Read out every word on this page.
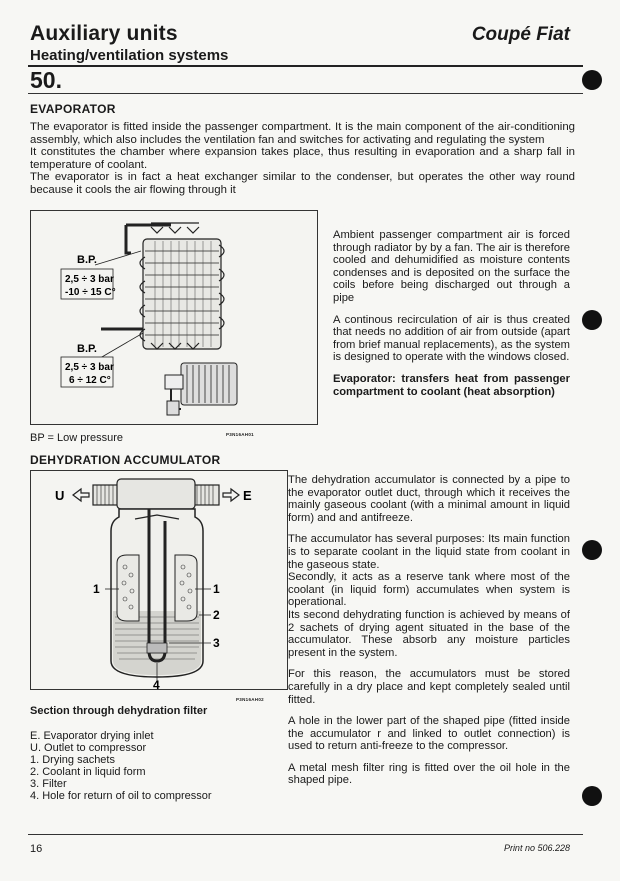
Auxiliary units
Heating/ventilation systems
Coupé Fiat
50.
EVAPORATOR

The evaporator is fitted inside the passenger compartment. It is the main component of the air-conditioning assembly, which also includes the ventilation fan and switches for activating and regulating the system

It constitutes the chamber where expansion takes place, thus resulting in evaporation and a sharp fall in temperature of coolant.

The evaporator is in fact a heat exchanger similar to the condenser, but operates the other way round because it cools the air flowing through it

B.P.
2,5 ÷ 3 bar
-10 ÷ 15 C°
B.P.
2,5 ÷ 3 bar
6 ÷ 12 C°
P3N16AH01
BP = Low pressure

Ambient passenger compartment air is forced through radiator by by a fan. The air is therefore cooled and dehumidified as moisture contents condenses and is deposited on the surface the coils before being discharged out through a pipe

A continous recirculation of air is thus created that needs no addition of air from outside (apart from brief manual replacements), as the system is designed to operate with the windows closed.

Evaporator: transfers heat from passenger compartment to coolant (heat absorption)

DEHYDRATION ACCUMULATOR
U	E
1	1
2
3
4
P3N16AH02
Section through dehydration filter
E. Evaporator drying inlet
U. Outlet to compressor
1. Drying sachets
2. Coolant in liquid form
3. Filter
4. Hole for return of oil to compressor

The dehydration accumulator is connected by a pipe to the evaporator outlet duct, through which it receives the mainly gaseous coolant (with a minimal amount in liquid form) and and antifreeze.

The accumulator has several purposes: Its main function is to separate coolant in the liquid state from coolant in the gaseous state.

Secondly, it acts as a reserve tank where most of the coolant (in liquid form) accumulates when system is operational.

Its second dehydrating function is achieved by means of 2 sachets of drying agent situated in the base of the accumulator. These absorb any moisture particles present in the system.

For this reason, the accumulators must be stored carefully in a dry place and kept completely sealed until fitted.

A hole in the lower part of the shaped pipe (fitted inside the accumulator r and linked to outlet connection) is used to return anti-freeze to the compressor.

A metal mesh filter ring is fitted over the oil hole in the shaped pipe.

16	Print no 506.228
